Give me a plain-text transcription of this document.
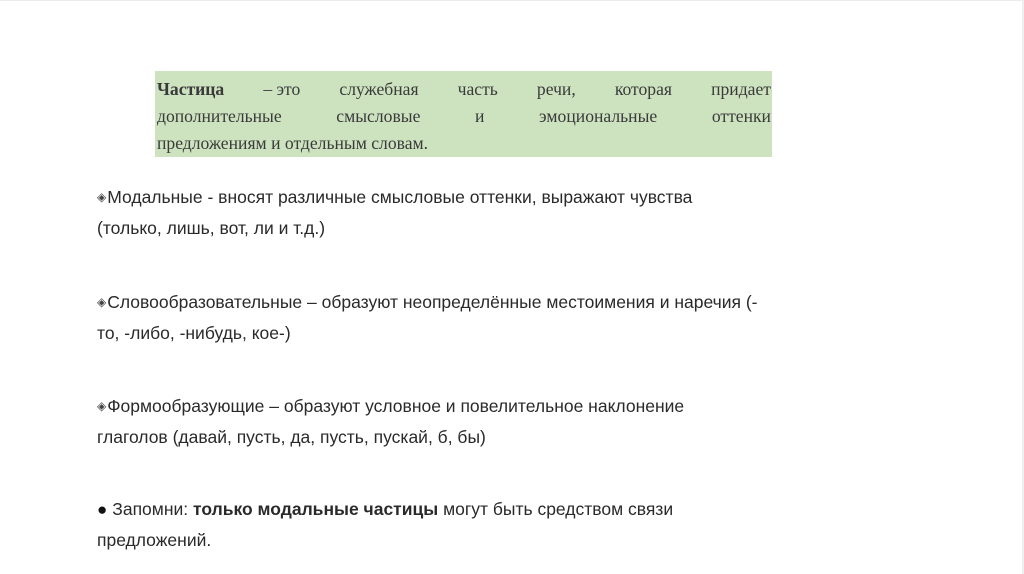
Частица – это служебная часть речи, которая придает
дополнительные	смысловые	и	эмоциональные	оттенки
предложениям и отдельным словам.
◈Модальные - вносят различные смысловые оттенки, выражают чувства
(только, лишь, вот, ли и т.д.)
◈Словообразовательные – образуют неопределённые местоимения и наречия (-
то, -либо, -нибудь, кое-)
◈Формообразующие – образуют условное и повелительное наклонение
глаголов (давай, пусть, да, пусть, пускай, б, бы)
● Запомни: только модальные частицы могут быть средством связи
предложений.
